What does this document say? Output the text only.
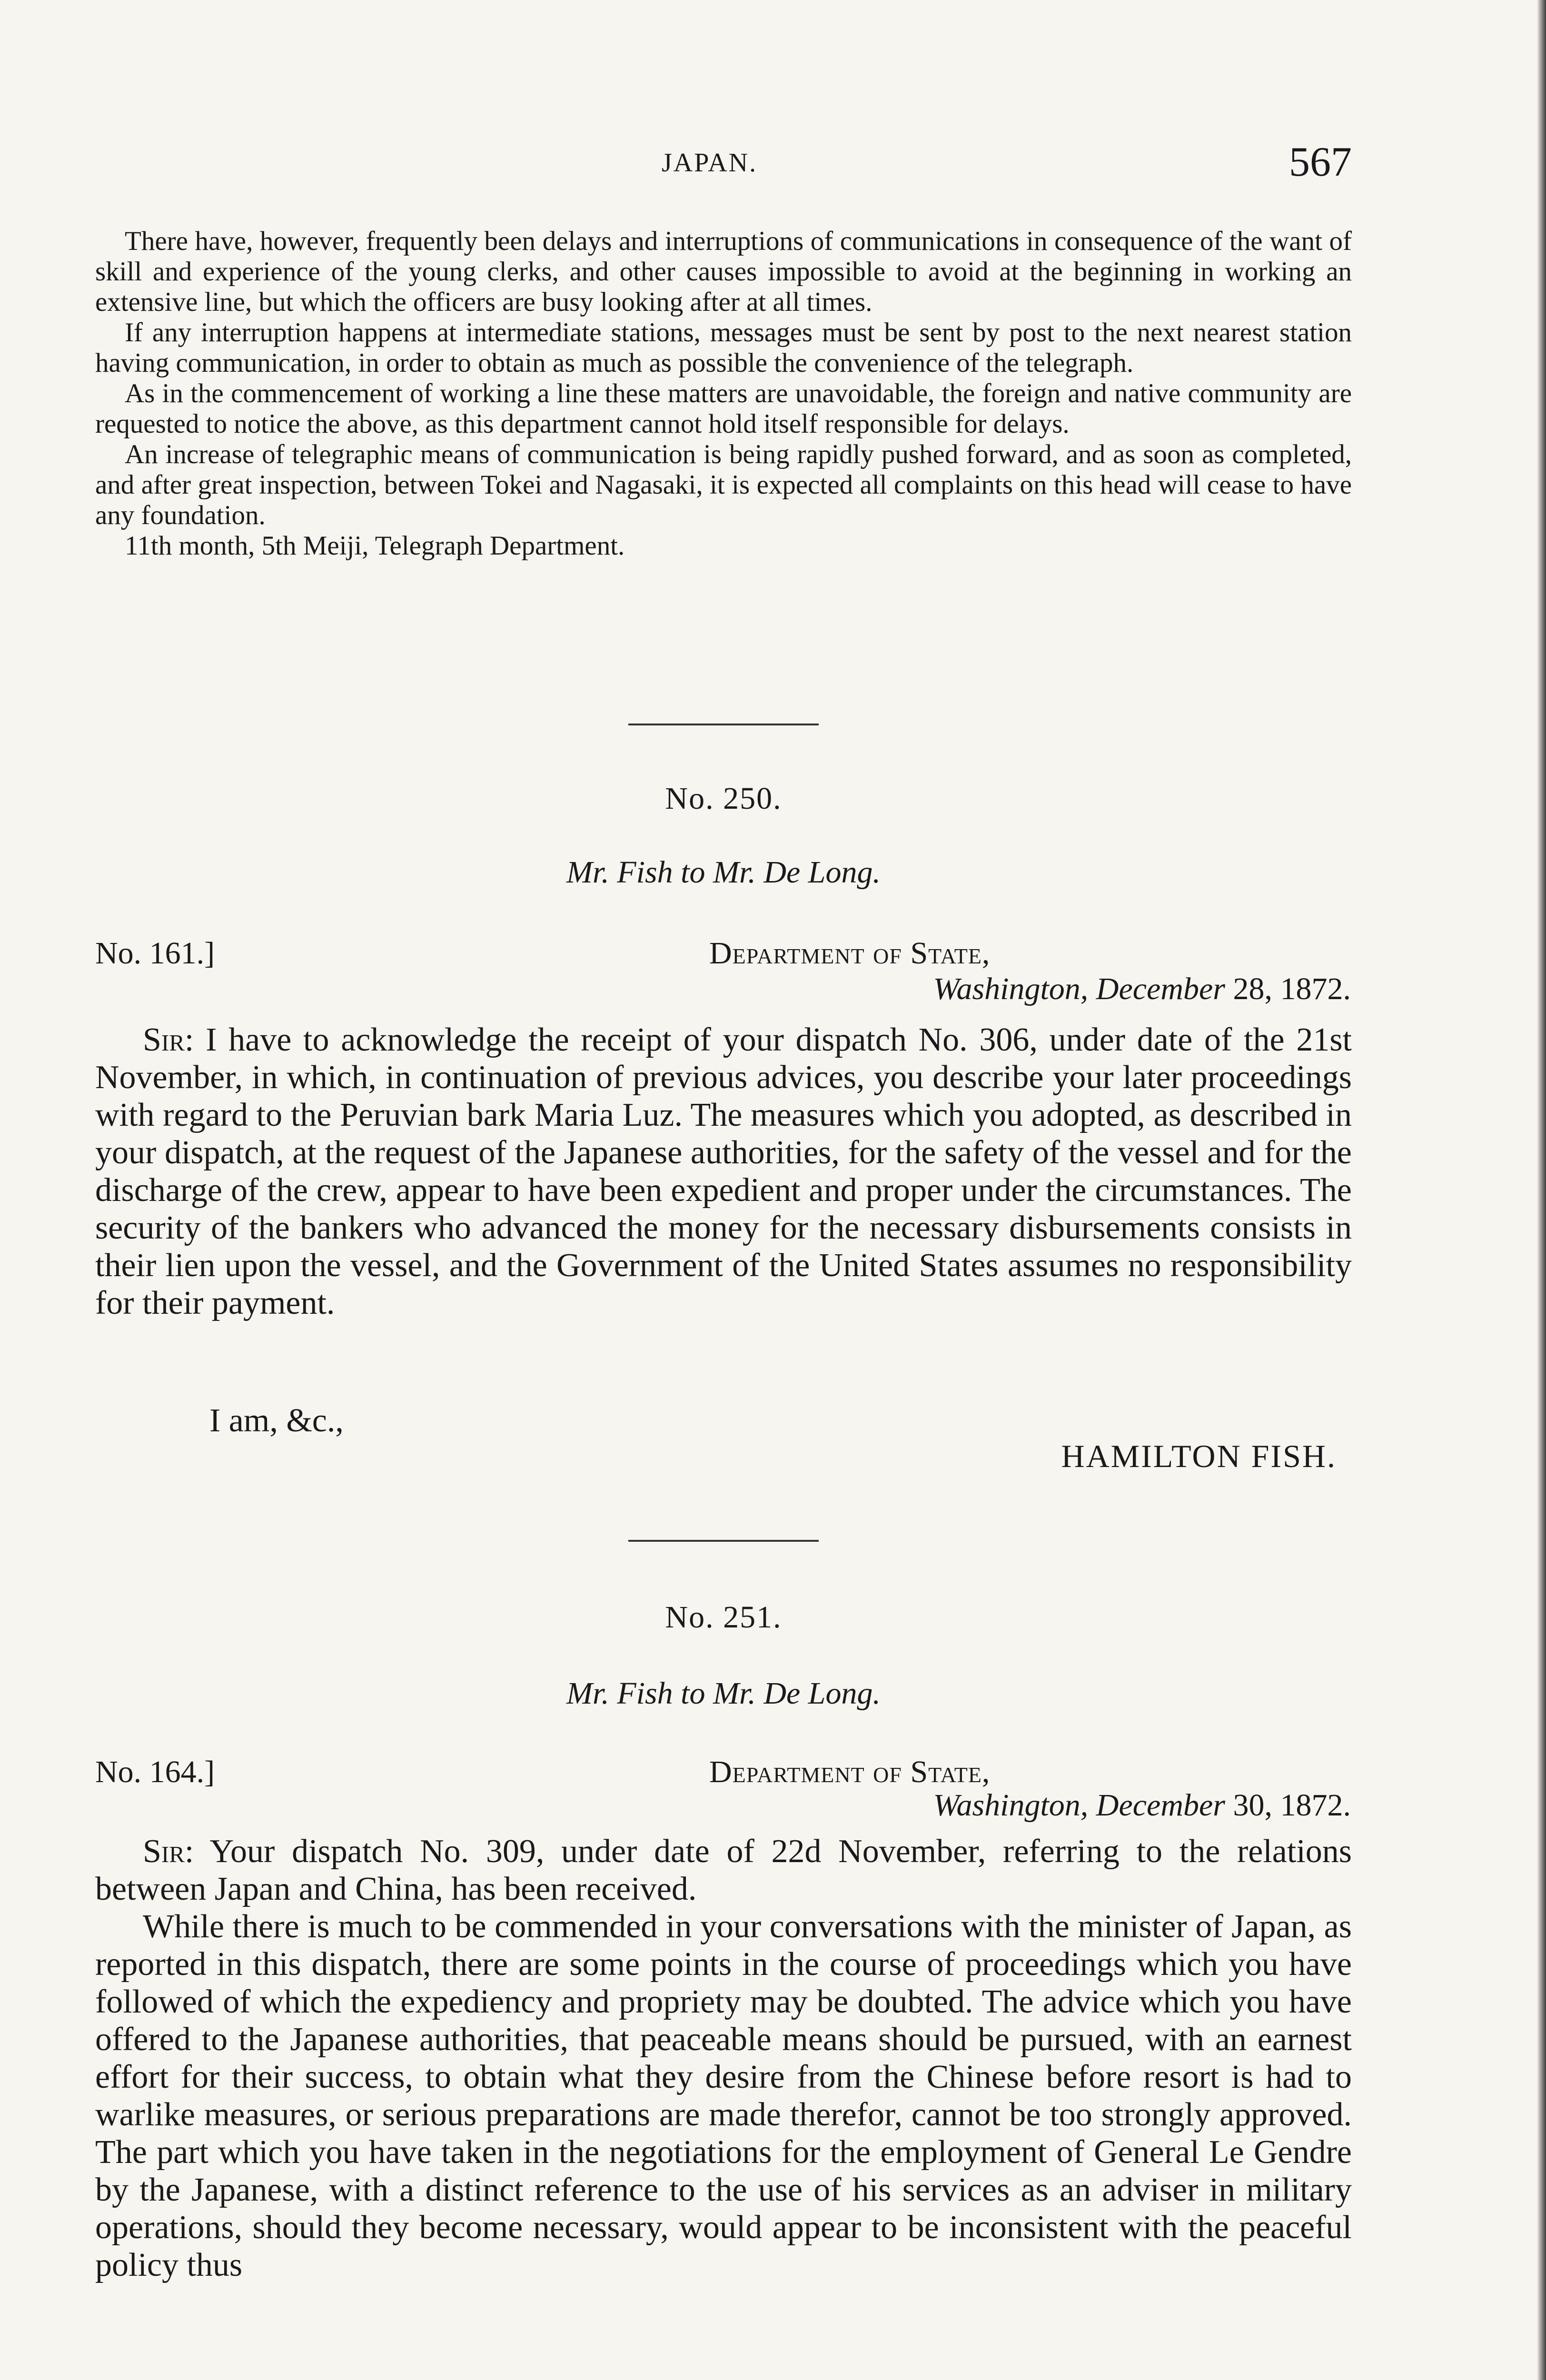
JAPAN.	567

There have, however, frequently been delays and interruptions of communications in consequence of the want of skill and experience of the young clerks, and other causes impossible to avoid at the beginning in working an extensive line, but which the officers are busy looking after at all times.

If any interruption happens at intermediate stations, messages must be sent by post to the next nearest station having communication, in order to obtain as much as possible the convenience of the telegraph.

As in the commencement of working a line these matters are unavoidable, the foreign and native community are requested to notice the above, as this department cannot hold itself responsible for delays.

An increase of telegraphic means of communication is being rapidly pushed forward, and as soon as completed, and after great inspection, between Tokei and Nagasaki, it is expected all complaints on this head will cease to have any foundation.

11th month, 5th Meiji, Telegraph Department.

No. 250.
Mr. Fish to Mr. De Long.
No. 161.]	Department of State,
Washington, December 28, 1872.

Sir: I have to acknowledge the receipt of your dispatch No. 306, under date of the 21st November, in which, in continuation of previous advices, you describe your later proceedings with regard to the Peruvian bark Maria Luz. The measures which you adopted, as described in your dispatch, at the request of the Japanese authorities, for the safety of the vessel and for the discharge of the crew, appear to have been expedient and proper under the circumstances. The security of the bankers who advanced the money for the necessary disbursements consists in their lien upon the vessel, and the Government of the United States assumes no responsibility for their payment.

I am, &c.,
HAMILTON FISH.
No. 251.
Mr. Fish to Mr. De Long.
No. 164.]	Department of State,
Washington, December 30, 1872.

Sir: Your dispatch No. 309, under date of 22d November, referring to the relations between Japan and China, has been received.

While there is much to be commended in your conversations with the minister of Japan, as reported in this dispatch, there are some points in the course of proceedings which you have followed of which the expediency and propriety may be doubted. The advice which you have offered to the Japanese authorities, that peaceable means should be pursued, with an earnest effort for their success, to obtain what they desire from the Chinese before resort is had to warlike measures, or serious preparations are made therefor, cannot be too strongly approved. The part which you have taken in the negotiations for the employment of General Le Gendre by the Japanese, with a distinct reference to the use of his services as an adviser in military operations, should they become necessary, would appear to be inconsistent with the peaceful policy thus
